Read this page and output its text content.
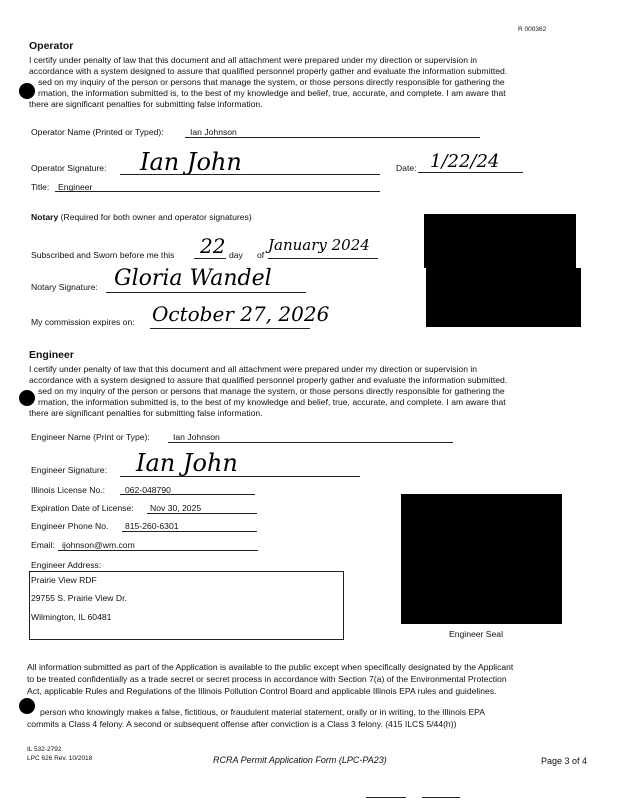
R 000362
Operator
I certify under penalty of law that this document and all attachment were prepared under my direction or supervision in
accordance with a system designed to assure that qualified personnel properly gather and evaluate the information submitted.
sed on my inquiry of the person or persons that manage the system, or those persons directly responsible for gathering the
rmation, the information submitted is, to the best of my knowledge and belief, true, accurate, and complete. I am aware that
there are significant penalties for submitting false information.
Operator Name (Printed or Typed):	Ian Johnson
Operator Signature: Ian John	Date: 1/22/24
Title: Engineer
Notary (Required for both owner and operator signatures)
Subscribed and Sworn before me this 22 day of
January 2024
Notary Signature: Gloria Wandel
My commission expires on: October 27, 2026
Engineer
I certify under penalty of law that this document and all attachment were prepared under my direction or supervision in
accordance with a system designed to assure that qualified personnel properly gather and evaluate the information submitted.
sed on my inquiry of the person or persons that manage the system, or those persons directly responsible for gathering the
rmation, the information submitted is, to the best of my knowledge and belief, true, accurate, and complete. I am aware that
there are significant penalties for submitting false information.
Engineer Name (Print or Type):	Ian Johnson
Engineer Signature: Ian John
Illinois License No.: 062-048790
Expiration Date of License: Nov 30, 2025
Engineer Phone No. 815-260-6301
Email: ijohnson@wm.com
Engineer Address:
Prairie View RDF
29755 S. Prairie View Dr.
Wilmington, IL 60481
Engineer Seal
All information submitted as part of the Application is available to the public except when specifically designated by the Applicant
to be treated confidentially as a trade secret or secret process in accordance with Section 7(a) of the Environmental Protection
Act, applicable Rules and Regulations of the Illinois Pollution Control Board and applicable Illinois EPA rules and guidelines.
person who knowingly makes a false, fictitious, or fraudulent material statement, orally or in writing, to the Illinois EPA
commits a Class 4 felony. A second or subsequent offense after conviction is a Class 3 felony. (415 ILCS 5/44(h))
IL 532-2792
LPC 626 Rev. 10/2018	RCRA Permit Application Form (LPC-PA23)	Page 3 of 4
